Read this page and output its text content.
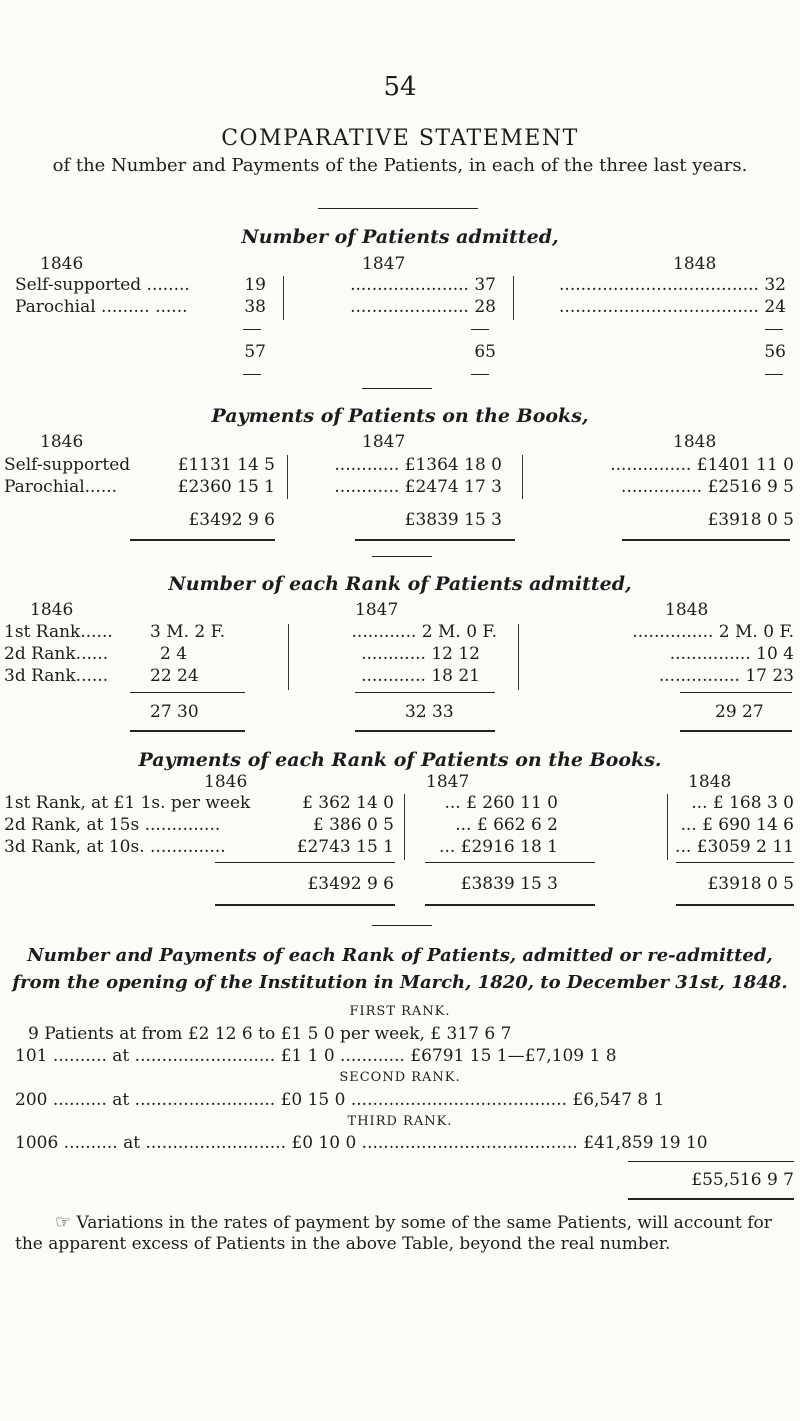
54
COMPARATIVE STATEMENT
of the Number and Payments of the Patients, in each of the three last years.
Number of Patients admitted,
1846	1847	1848
Self-supported ........	19	...................... 37	..................................... 32
Parochial ......... ......	38	...................... 28	..................................... 24
57	65	56
Payments of Patients on the Books,
1846	1847	1848
Self-supported	£1131 14 5	............ £1364 18 0	............... £1401 11 0
Parochial......	£2360 15 1	............ £2474 17 3	............... £2516 9 5
£3492 9 6	£3839 15 3	£3918 0 5
Number of each Rank of Patients admitted,
1846	1847	1848
1st Rank...... 3 M. 2 F.	............ 2 M. 0 F.	............... 2 M. 0 F.
2d Rank......	2 4	............ 12 12	............... 10 4
3d Rank...... 22 24	............ 18 21	............... 17 23
27 30	32 33	29 27
Payments of each Rank of Patients on the Books.
1846	1847	1848
1st Rank, at £1 1s. per week	£ 362 14 0	... £ 260 11 0	... £ 168 3 0
2d Rank, at 15s ..............	£ 386 0 5	... £ 662 6 2	... £ 690 14 6
3d Rank, at 10s. ..............	£2743 15 1	... £2916 18 1	... £3059 2 11
£3492 9 6	£3839 15 3	£3918 0 5
Number and Payments of each Rank of Patients, admitted or re-admitted,
from the opening of the Institution in March, 1820, to December 31st, 1848.
FIRST RANK.
9 Patients at from £2 12 6 to £1 5 0 per week, £ 317 6 7
101 .......... at .......................... £1 1 0 ............ £6791 15 1—£7,109 1 8
SECOND RANK.
200 .......... at .......................... £0 15 0 ........................................ £6,547 8 1
THIRD RANK.
1006 .......... at .......................... £0 10 0 ........................................ £41,859 19 10
£55,516 9 7
☞ Variations in the rates of payment by some of the same Patients, will account for
the apparent excess of Patients in the above Table, beyond the real number.
